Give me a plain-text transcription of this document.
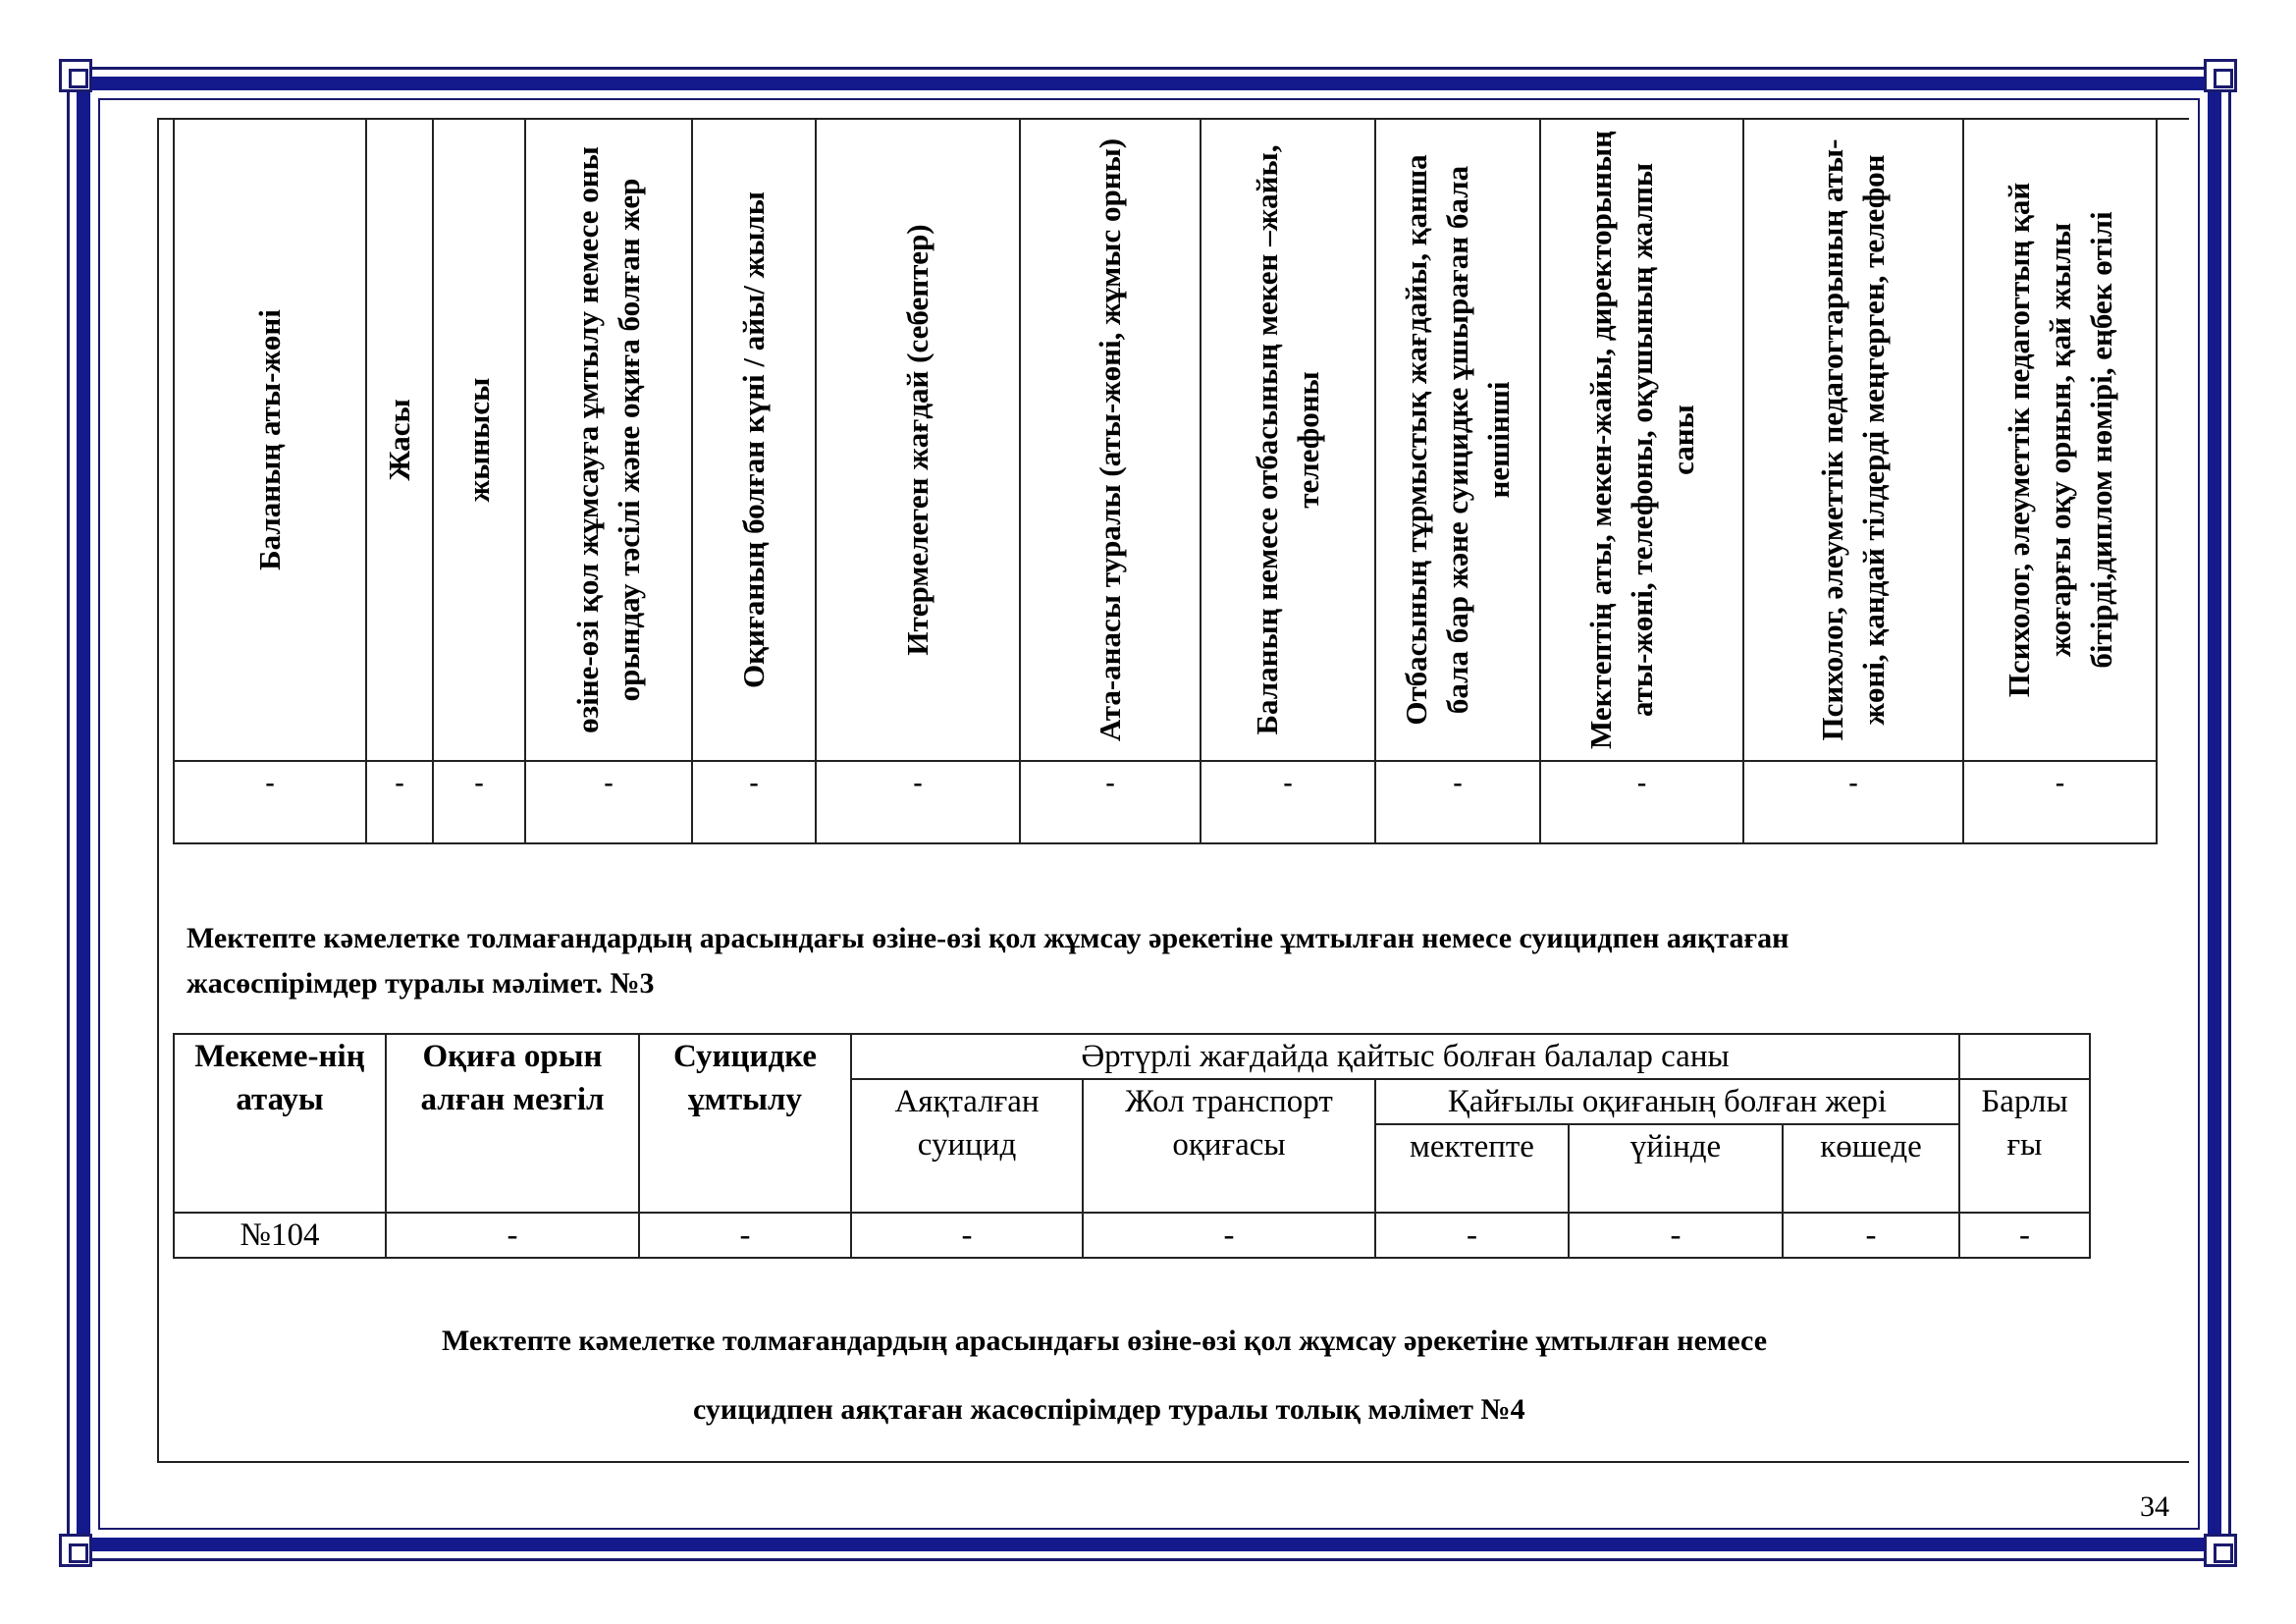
Баланың аты-жөні	Жасы	жынысы	өзіне-өзі қол жұмсауға ұмтылу немесе оны орындау тәсілі және оқиға болған жер	Оқиғаның болған күні / айы/ жылы	Итермелеген жағдай (себептер)	Ата-анасы туралы (аты-жөні, жұмыс орны)	Баланың немесе отбасының мекен –жайы, телефоны	Отбасының тұрмыстық жағдайы, қанша бала бар және суицидке ұшыраған бала нешінші	Мектептің аты, мекен-жайы, директорының аты-жөні, телефоны, оқушының жалпы саны	Психолог, әлеуметтік педагогтарының аты-жөні, қандай тілдерді меңгерген, телефон	Психолог, әлеуметтік педагогтың қай жоғарғы оқу орнын, қай жылы бітірді,диплом нөмірі, еңбек өтілі

-	-	-	-	-	-	-	-	-	-	-	-
Мектепте кәмелетке толмағандардың арасындағы өзіне-өзі қол жұмсау әрекетіне ұмтылған немесе суицидпен аяқтаған
жасөспірімдер туралы мәлімет. №3
Мекеме-нің атауы	Оқиға орын алған мезгіл	Суицидке ұмтылу	Әртүрлі жағдайда қайтыс болған балалар саны					
			Аяқталған суицид	Жол транспорт оқиғасы	Қайғылы оқиғаның болған жері			Барлы ғы
					мектепте	үйінде	көшеде	
№104	-	-	-	-	-	-	-	-
Мектепте кәмелетке толмағандардың арасындағы өзіне-өзі қол жұмсау әрекетіне ұмтылған немесе
суицидпен аяқтаған жасөспірімдер туралы толық мәлімет №4
34
